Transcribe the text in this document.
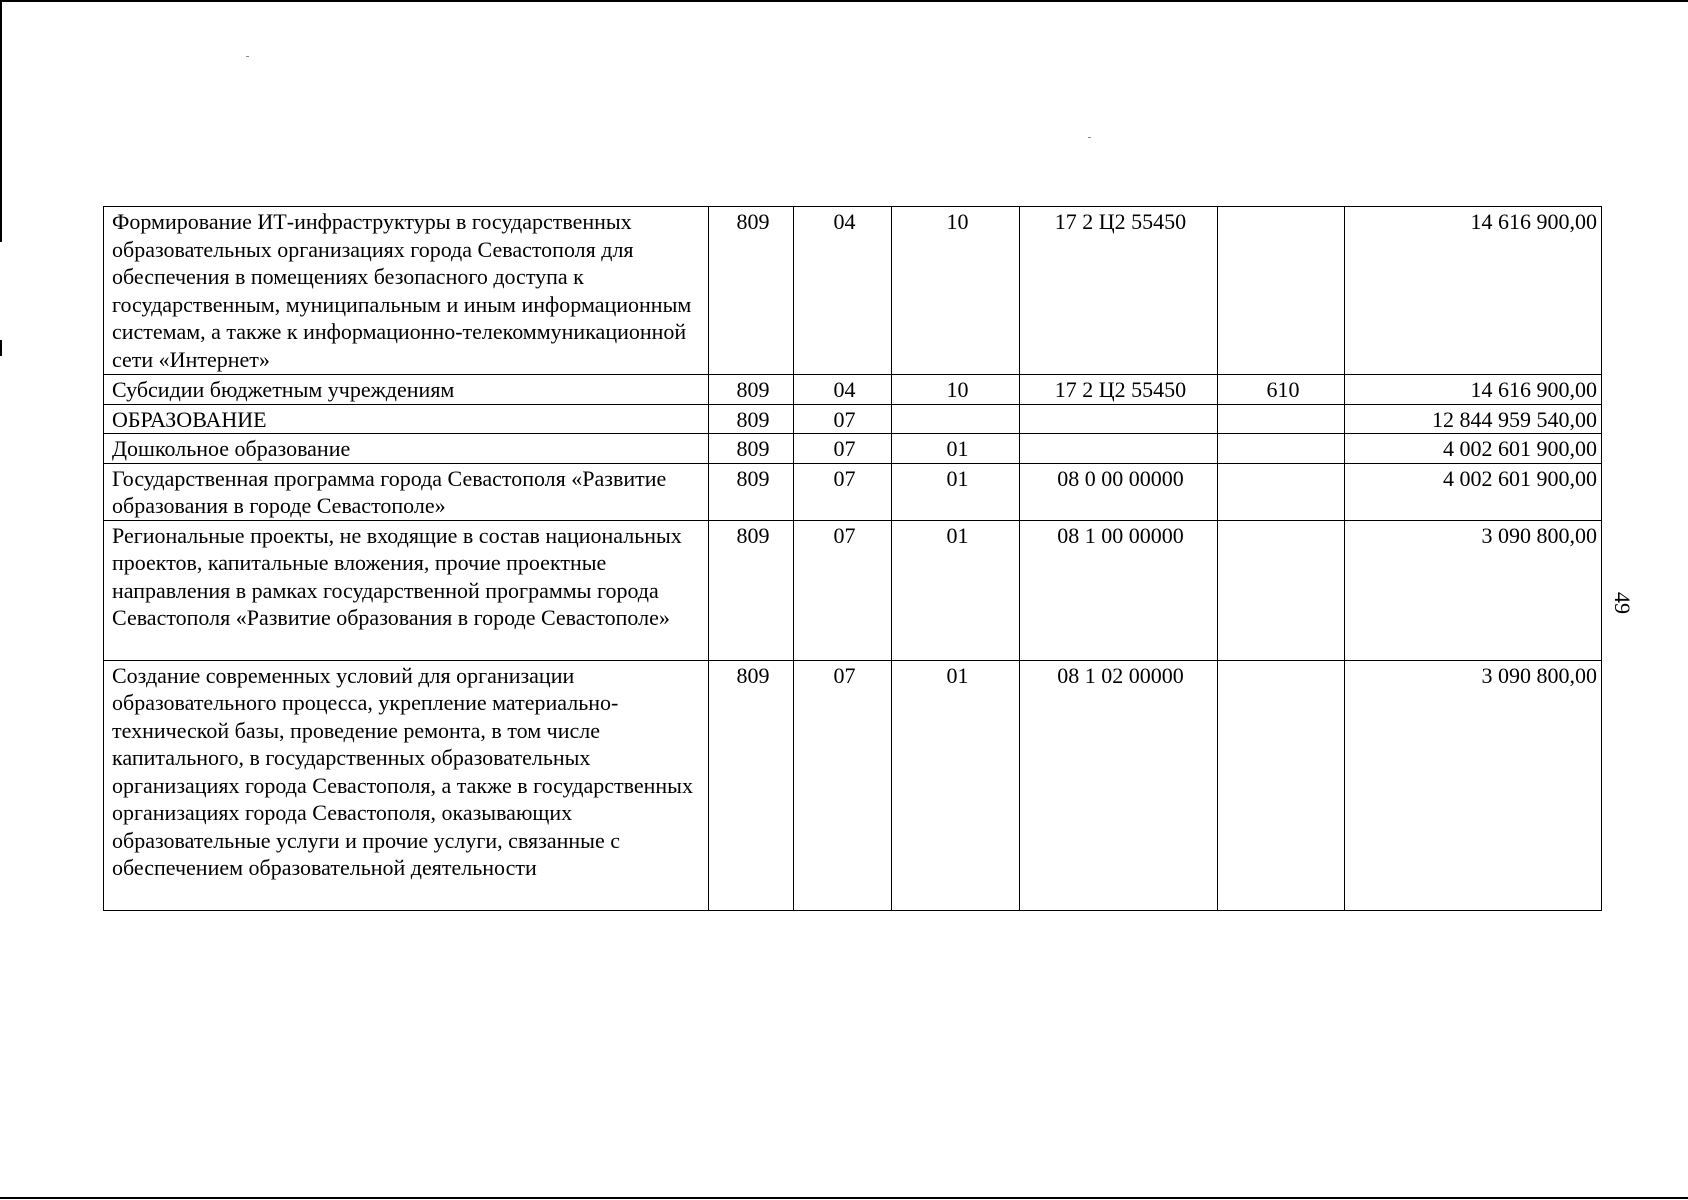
49
Формирование ИТ-инфраструктуры в государственных образовательных организациях города Севастополя для обеспечения в помещениях безопасного доступа к государственным, муниципальным и иным информационным системам, а также к информационно-телекоммуникационной сети «Интернет»	809	04	10	17 2 Ц2 55450		14 616 900,00
Субсидии бюджетным учреждениям	809	04	10	17 2 Ц2 55450	610	14 616 900,00
ОБРАЗОВАНИЕ	809	07				12 844 959 540,00
Дошкольное образование	809	07	01			4 002 601 900,00
Государственная программа города Севастополя «Развитие образования в городе Севастополе»	809	07	01	08 0 00 00000		4 002 601 900,00
Региональные проекты, не входящие в состав национальных проектов, капитальные вложения, прочие проектные направления в рамках государственной программы города Севастополя «Развитие образования в городе Севастополе»	809	07	01	08 1 00 00000		3 090 800,00
Создание современных условий для организации образовательного процесса, укрепление материально-технической базы, проведение ремонта, в том числе капитального, в государственных образовательных организациях города Севастополя, а также в государственных организациях города Севастополя, оказывающих образовательные услуги и прочие услуги, связанные с обеспечением образовательной деятельности	809	07	01	08 1 02 00000		3 090 800,00
